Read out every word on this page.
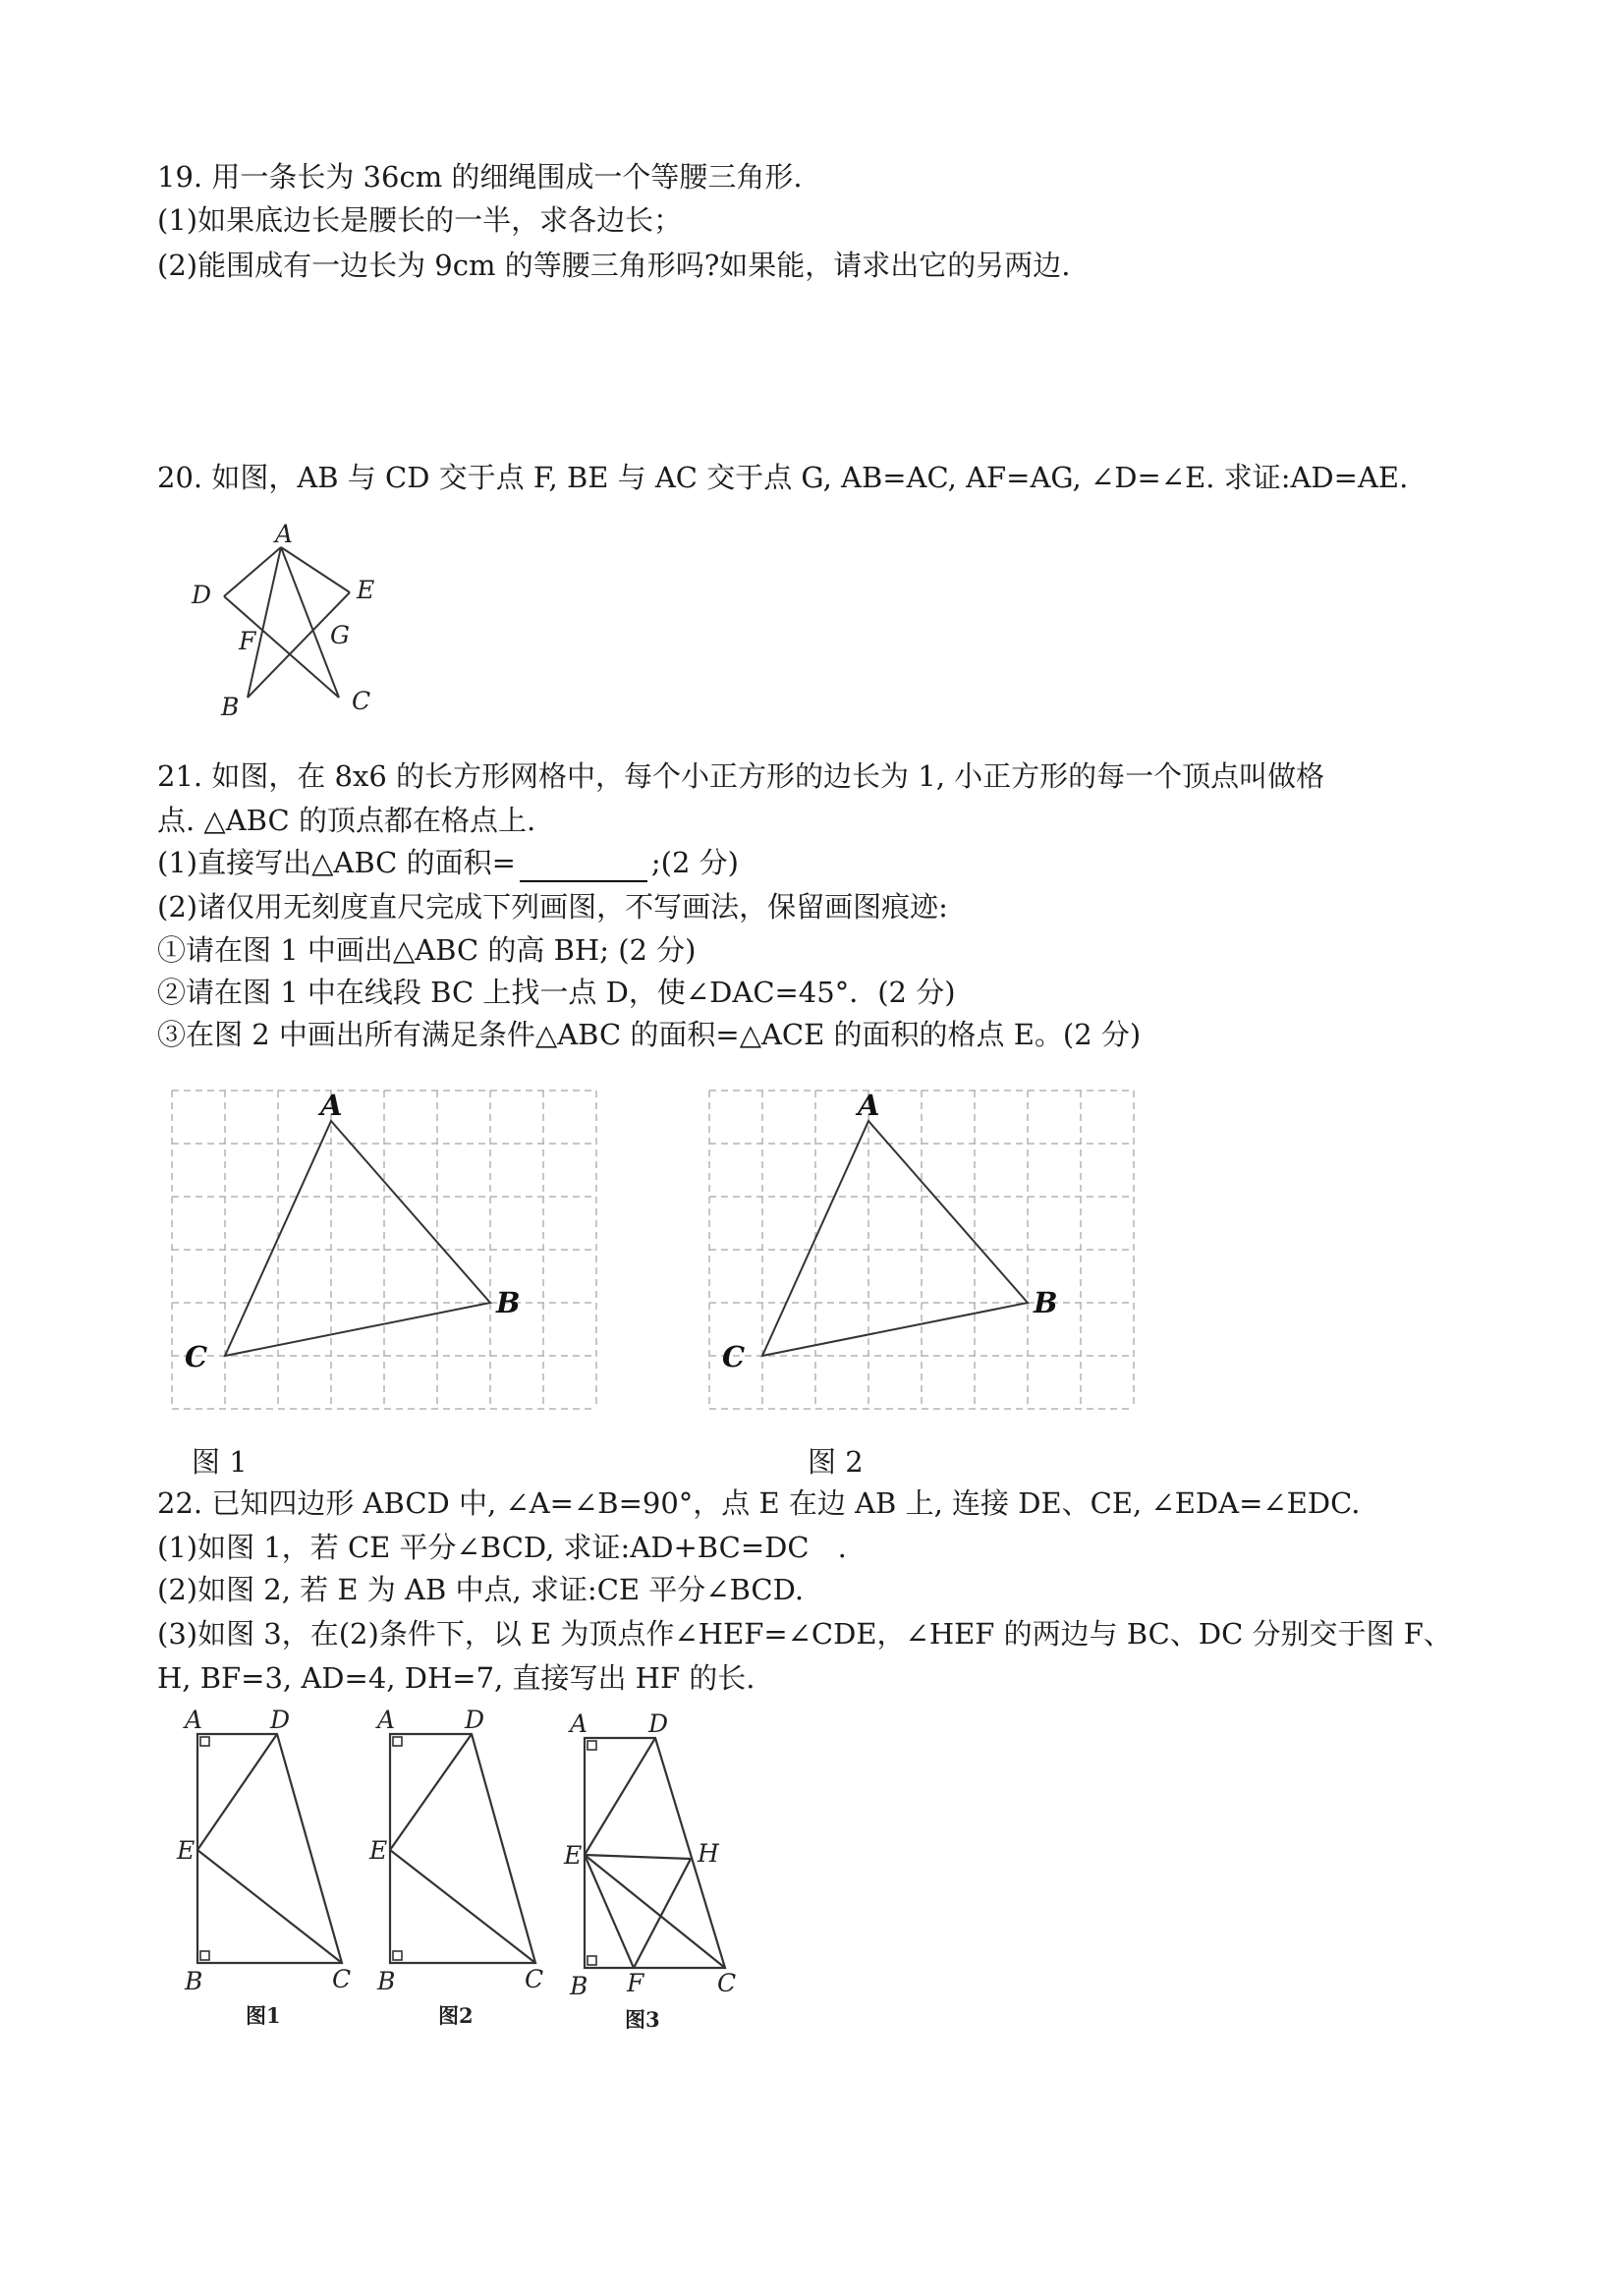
19. 用一条长为 36cm 的细绳围成一个等腰三角形.
(1)如果底边长是腰长的一半，求各边长；
(2)能围成有一边长为 9cm 的等腰三角形吗?如果能，请求出它的另两边.
20. 如图，AB 与 CD 交于点 F, BE 与 AC 交于点 G, AB=AC, AF=AG, ∠D=∠E. 求证:AD=AE.
A
D	E
F	G
B	C
21. 如图，在 8x6 的长方形网格中，每个小正方形的边长为 1, 小正方形的每一个顶点叫做格
点. △ABC 的顶点都在格点上.
(1)直接写出△ABC 的面积=	;(2 分)
(2)诸仅用无刻度直尺完成下列画图，不写画法，保留画图痕迹:
①请在图 1 中画出△ABC 的高 BH; (2 分)
②请在图 1 中在线段 BC 上找一点 D，使∠DAC=45°．(2 分)
③在图 2 中画出所有满足条件△ABC 的面积=△ACE 的面积的格点 E。(2 分)
A
B
C
A
B
C
图 1	图 2
22. 已知四边形 ABCD 中, ∠A=∠B=90°，点 E 在边 AB 上, 连接 DE、CE, ∠EDA=∠EDC.
(1)如图 1，若 CE 平分∠BCD, 求证:AD+BC=DC　.
(2)如图 2, 若 E 为 AB 中点, 求证:CE 平分∠BCD.
(3)如图 3，在(2)条件下，以 E 为顶点作∠HEF=∠CDE，∠HEF 的两边与 BC、DC 分别交于图 F、
H, BF=3, AD=4, DH=7, 直接写出 HF 的长.
A	D
E
B	C
图1
A	D
E
B	C
图2
A D
E	H
B F	C
图3
